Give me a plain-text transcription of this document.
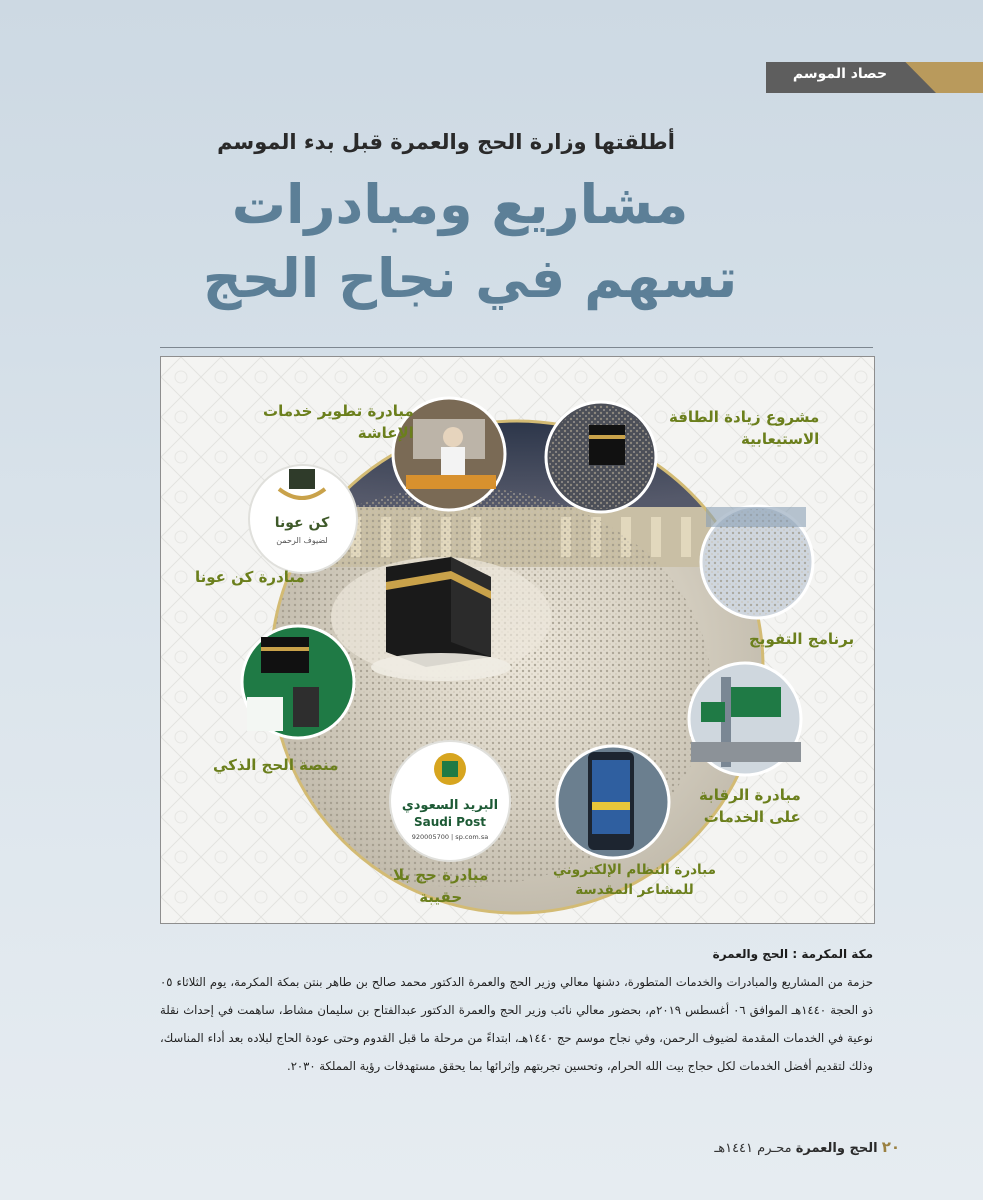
حصاد الموسم
أطلقتها وزارة الحج والعمرة قبل بدء الموسم
مشاريع ومبادرات
تسهم في نجاح الحج
كن عونا
لضيوف الرحمن
البريد السعودي
Saudi Post
920005700 | sp.com.sa
مبادرة تطوير خدمات
الإعاشة
مشروع زيادة الطاقة
الاستيعابية
مبادرة كن عونا
برنامج التفويج
منصة الحج الذكي
مبادرة الرقابة
على الخدمات
مبادرة حج بلا
حقيبة
مبادرة النظام الإلكتروني
للمشاعر المقدسة
مكة المكرمة : الحج والعمرة

حزمة من المشاريع والمبادرات والخدمات المتطورة، دشنها معالي وزير الحج والعمرة الدكتور محمد صالح بن طاهر بنتن بمكة المكرمة، يوم الثلاثاء ٠٥ ذو الحجة ١٤٤٠هـ الموافق ٠٦ أغسطس ٢٠١٩م، بحضور معالي نائب وزير الحج والعمرة الدكتور عبدالفتاح بن سليمان مشاط، ساهمت في إحداث نقلة نوعية في الخدمات المقدمة لضيوف الرحمن، وفي نجاح موسم حج ١٤٤٠هـ، ابتداءً من مرحلة ما قبل القدوم وحتى عودة الحاج لبلاده بعد أداء المناسك، وذلك لتقديم أفضل الخدمات لكل حجاج بيت الله الحرام، وتحسين تجربتهم وإثرائها بما يحقق مستهدفات رؤية المملكة ٢٠٣٠.

٢٠ الحج والعمرة محـرم ١٤٤١هـ
